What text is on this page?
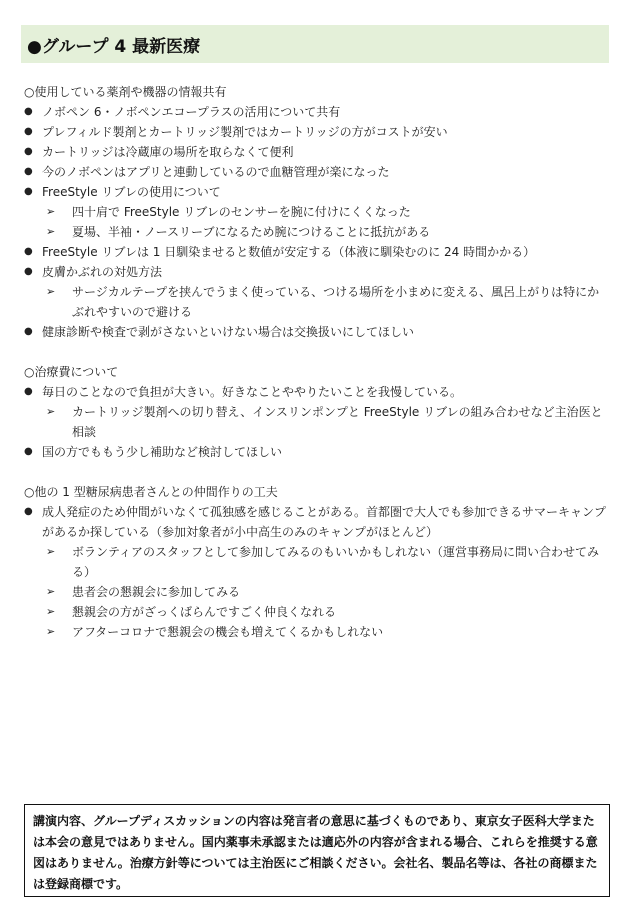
●グループ 4 最新医療
○使用している薬剤や機器の情報共有
● ノボペン 6・ノボペンエコープラスの活用について共有
● プレフィルド製剤とカートリッジ製剤ではカートリッジの方がコストが安い
● カートリッジは冷蔵庫の場所を取らなくて便利
● 今のノボペンはアプリと連動しているので血糖管理が楽になった
● FreeStyle リブレの使用について
➢ 四十肩で FreeStyle リブレのセンサーを腕に付けにくくなった
➢ 夏場、半袖・ノースリーブになるため腕につけることに抵抗がある
● FreeStyle リブレは 1 日馴染ませると数値が安定する（体液に馴染むのに 24 時間かかる）
● 皮膚かぶれの対処方法
➢ サージカルテープを挟んでうまく使っている、つける場所を小まめに変える、風呂上がりは特にかぶれやすいので避ける
● 健康診断や検査で剥がさないといけない場合は交換扱いにしてほしい
○治療費について
● 毎日のことなので負担が大きい。好きなことややりたいことを我慢している。
➢ カートリッジ製剤への切り替え、インスリンポンプと FreeStyle リブレの組み合わせなど主治医と相談
● 国の方でももう少し補助など検討してほしい
○他の 1 型糖尿病患者さんとの仲間作りの工夫
● 成人発症のため仲間がいなくて孤独感を感じることがある。首都圏で大人でも参加できるサマーキャンプがあるか探している（参加対象者が小中高生のみのキャンプがほとんど）
➢ ボランティアのスタッフとして参加してみるのもいいかもしれない（運営事務局に問い合わせてみる）
➢ 患者会の懇親会に参加してみる
➢ 懇親会の方がざっくばらんですごく仲良くなれる
➢ アフターコロナで懇親会の機会も増えてくるかもしれない
講演内容、グループディスカッションの内容は発言者の意思に基づくものであり、東京女子医科大学または本会の意見ではありません。国内薬事未承認または適応外の内容が含まれる場合、これらを推奨する意図はありません。治療方針等については主治医にご相談ください。会社名、製品名等は、各社の商標または登録商標です。
